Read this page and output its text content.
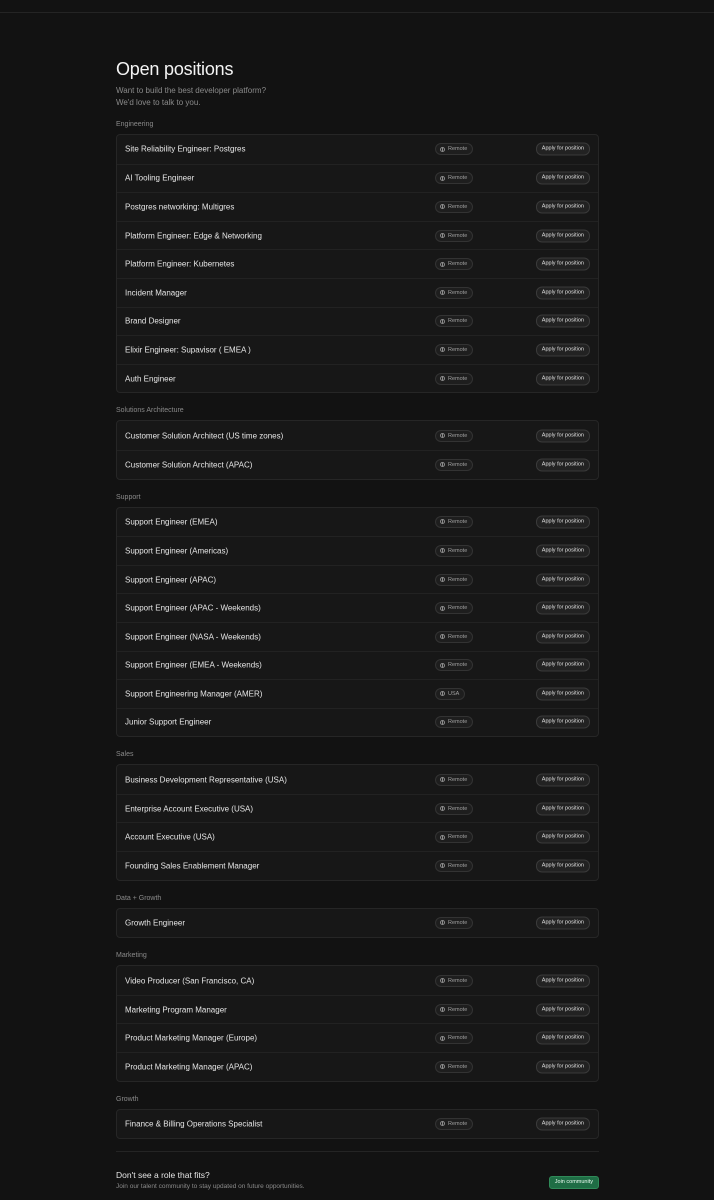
Open positions
Want to build the best developer platform? We'd love to talk to you.
Engineering
Site Reliability Engineer: Postgres	Remote	Apply for position
AI Tooling Engineer	Remote	Apply for position
Postgres networking: Multigres	Remote	Apply for position
Platform Engineer: Edge & Networking	Remote	Apply for position
Platform Engineer: Kubernetes	Remote	Apply for position
Incident Manager	Remote	Apply for position
Brand Designer	Remote	Apply for position
Elixir Engineer: Supavisor ( EMEA )	Remote	Apply for position
Auth Engineer	Remote	Apply for position
Solutions Architecture
Customer Solution Architect (US time zones)	Remote	Apply for position
Customer Solution Architect (APAC)	Remote	Apply for position
Support
Support Engineer (EMEA)	Remote	Apply for position
Support Engineer (Americas)	Remote	Apply for position
Support Engineer (APAC)	Remote	Apply for position
Support Engineer (APAC - Weekends)	Remote	Apply for position
Support Engineer (NASA - Weekends)	Remote	Apply for position
Support Engineer (EMEA - Weekends)	Remote	Apply for position
Support Engineering Manager (AMER)	USA	Apply for position
Junior Support Engineer	Remote	Apply for position
Sales
Business Development Representative (USA)	Remote	Apply for position
Enterprise Account Executive (USA)	Remote	Apply for position
Account Executive (USA)	Remote	Apply for position
Founding Sales Enablement Manager	Remote	Apply for position
Data + Growth
Growth Engineer	Remote	Apply for position
Marketing
Video Producer (San Francisco, CA)	Remote	Apply for position
Marketing Program Manager	Remote	Apply for position
Product Marketing Manager (Europe)	Remote	Apply for position
Product Marketing Manager (APAC)	Remote	Apply for position
Growth
Finance & Billing Operations Specialist	Remote	Apply for position
Don't see a role that fits?
Join our talent community to stay updated on future opportunities.
Join community
